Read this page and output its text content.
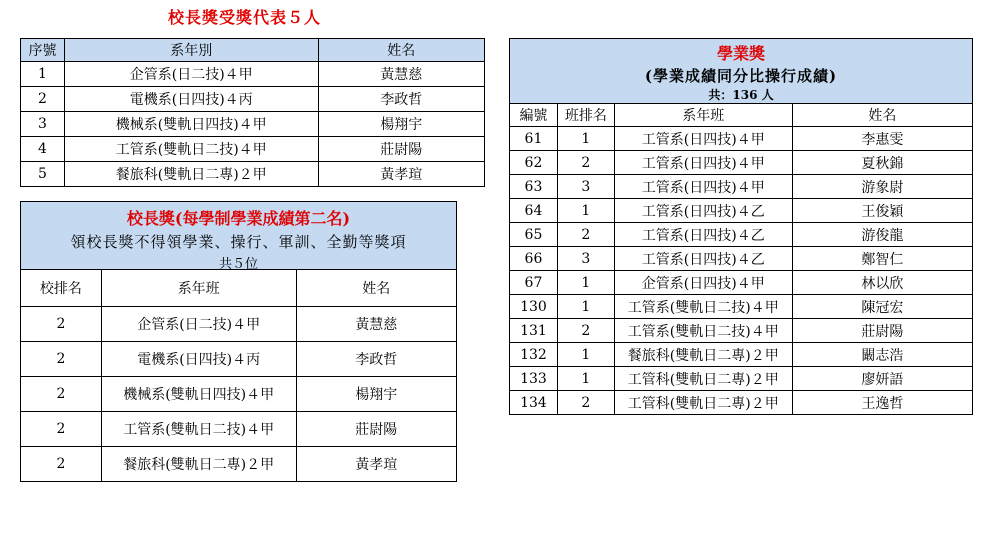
校長獎受獎代表５人
序號	系年別	姓名
1	企管系(日二技)４甲	黃慧慈
2	電機系(日四技)４丙	李政哲
3	機械系(雙軌日四技)４甲	楊翔宇
4	工管系(雙軌日二技)４甲	莊尉陽
5	餐旅科(雙軌日二專)２甲	黃孝瑄
校長獎(每學制學業成績第二名)
領校長獎不得領學業、操行、軍訓、全勤等獎項
共５位
校排名	系年班	姓名
2	企管系(日二技)４甲	黃慧慈
2	電機系(日四技)４丙	李政哲
2	機械系(雙軌日四技)４甲	楊翔宇
2	工管系(雙軌日二技)４甲	莊尉陽
2	餐旅科(雙軌日二專)２甲	黃孝瑄
學業獎
(學業成績同分比操行成績)
共：136 人
編號	班排名	系年班	姓名
61	1	工管系(日四技)４甲	李惠雯
62	2	工管系(日四技)４甲	夏秋錦
63	3	工管系(日四技)４甲	游象尉
64	1	工管系(日四技)４乙	王俊穎
65	2	工管系(日四技)４乙	游俊龍
66	3	工管系(日四技)４乙	鄭智仁
67	1	企管系(日四技)４甲	林以欣
130	1	工管系(雙軌日二技)４甲	陳冠宏
131	2	工管系(雙軌日二技)４甲	莊尉陽
132	1	餐旅科(雙軌日二專)２甲	闞志浩
133	1	工管科(雙軌日二專)２甲	廖妍語
134	2	工管科(雙軌日二專)２甲	王逸哲
